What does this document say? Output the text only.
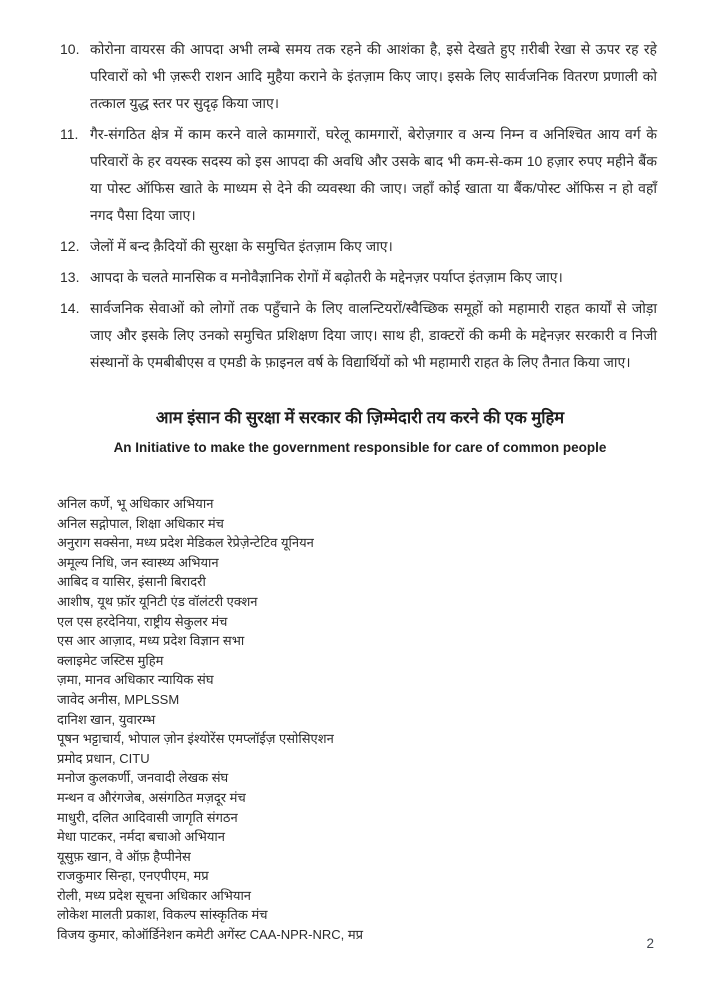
10. कोरोना वायरस की आपदा अभी लम्बे समय तक रहने की आशंका है, इसे देखते हुए ग़रीबी रेखा से ऊपर रह रहे परिवारों को भी ज़रूरी राशन आदि मुहैया कराने के इंतज़ाम किए जाए। इसके लिए सार्वजनिक वितरण प्रणाली को तत्काल युद्ध स्तर पर सुदृढ़ किया जाए।
11. गैर-संगठित क्षेत्र में काम करने वाले कामगारों, घरेलू कामगारों, बेरोज़गार व अन्य निम्न व अनिश्चित आय वर्ग के परिवारों के हर वयस्क सदस्य को इस आपदा की अवधि और उसके बाद भी कम-से-कम 10 हज़ार रुपए महीने बैंक या पोस्ट ऑफिस खाते के माध्यम से देने की व्यवस्था की जाए। जहाँ कोई खाता या बैंक/पोस्ट ऑफिस न हो वहाँ नगद पैसा दिया जाए।
12. जेलों में बन्द क़ैदियों की सुरक्षा के समुचित इंतज़ाम किए जाए।
13. आपदा के चलते मानसिक व मनोवैज्ञानिक रोगों में बढ़ोतरी के मद्देनज़र पर्याप्त इंतज़ाम किए जाए।
14. सार्वजनिक सेवाओं को लोगों तक पहुँचाने के लिए वालन्टियरों/स्वैच्छिक समूहों को महामारी राहत कार्यों से जोड़ा जाए और इसके लिए उनको समुचित प्रशिक्षण दिया जाए। साथ ही, डाक्टरों की कमी के मद्देनज़र सरकारी व निजी संस्थानों के एमबीबीएस व एमडी के फ़ाइनल वर्ष के विद्यार्थियों को भी महामारी राहत के लिए तैनात किया जाए।
आम इंसान की सुरक्षा में सरकार की ज़िम्मेदारी तय करने की एक मुहिम
An Initiative to make the government responsible for care of common people
अनिल कर्णे, भू अधिकार अभियान
अनिल सद्गोपाल, शिक्षा अधिकार मंच
अनुराग सक्सेना, मध्य प्रदेश मेडिकल रेप्रेज़ेन्टेटिव यूनियन
अमूल्य निधि, जन स्वास्थ्य अभियान
आबिद व यासिर, इंसानी बिरादरी
आशीष, यूथ फ़ॉर यूनिटी एंड वॉलंटरी एक्शन
एल एस हरदेनिया, राष्ट्रीय सेकुलर मंच
एस आर आज़ाद, मध्य प्रदेश विज्ञान सभा
क्लाइमेट जस्टिस मुहिम
ज़मा, मानव अधिकार न्यायिक संघ
जावेद अनीस, MPLSSM
दानिश खान, युवारम्भ
पूषन भट्टाचार्य, भोपाल ज़ोन इंश्योरेंस एमप्लॉईज़ एसोसिएशन
प्रमोद प्रधान, CITU
मनोज कुलकर्णी, जनवादी लेखक संघ
मन्थन व औरंगजेब, असंगठित मज़दूर मंच
माधुरी, दलित आदिवासी जागृति संगठन
मेधा पाटकर, नर्मदा बचाओ अभियान
यूसुफ़ खान, वे ऑफ़ हैप्पीनेस
राजकुमार सिन्हा, एनएपीएम, मप्र
रोली, मध्य प्रदेश सूचना अधिकार अभियान
लोकेश मालती प्रकाश, विकल्प सांस्कृतिक मंच
विजय कुमार, कोऑर्डिनेशन कमेटी अगेंस्ट CAA-NPR-NRC, मप्र
2
